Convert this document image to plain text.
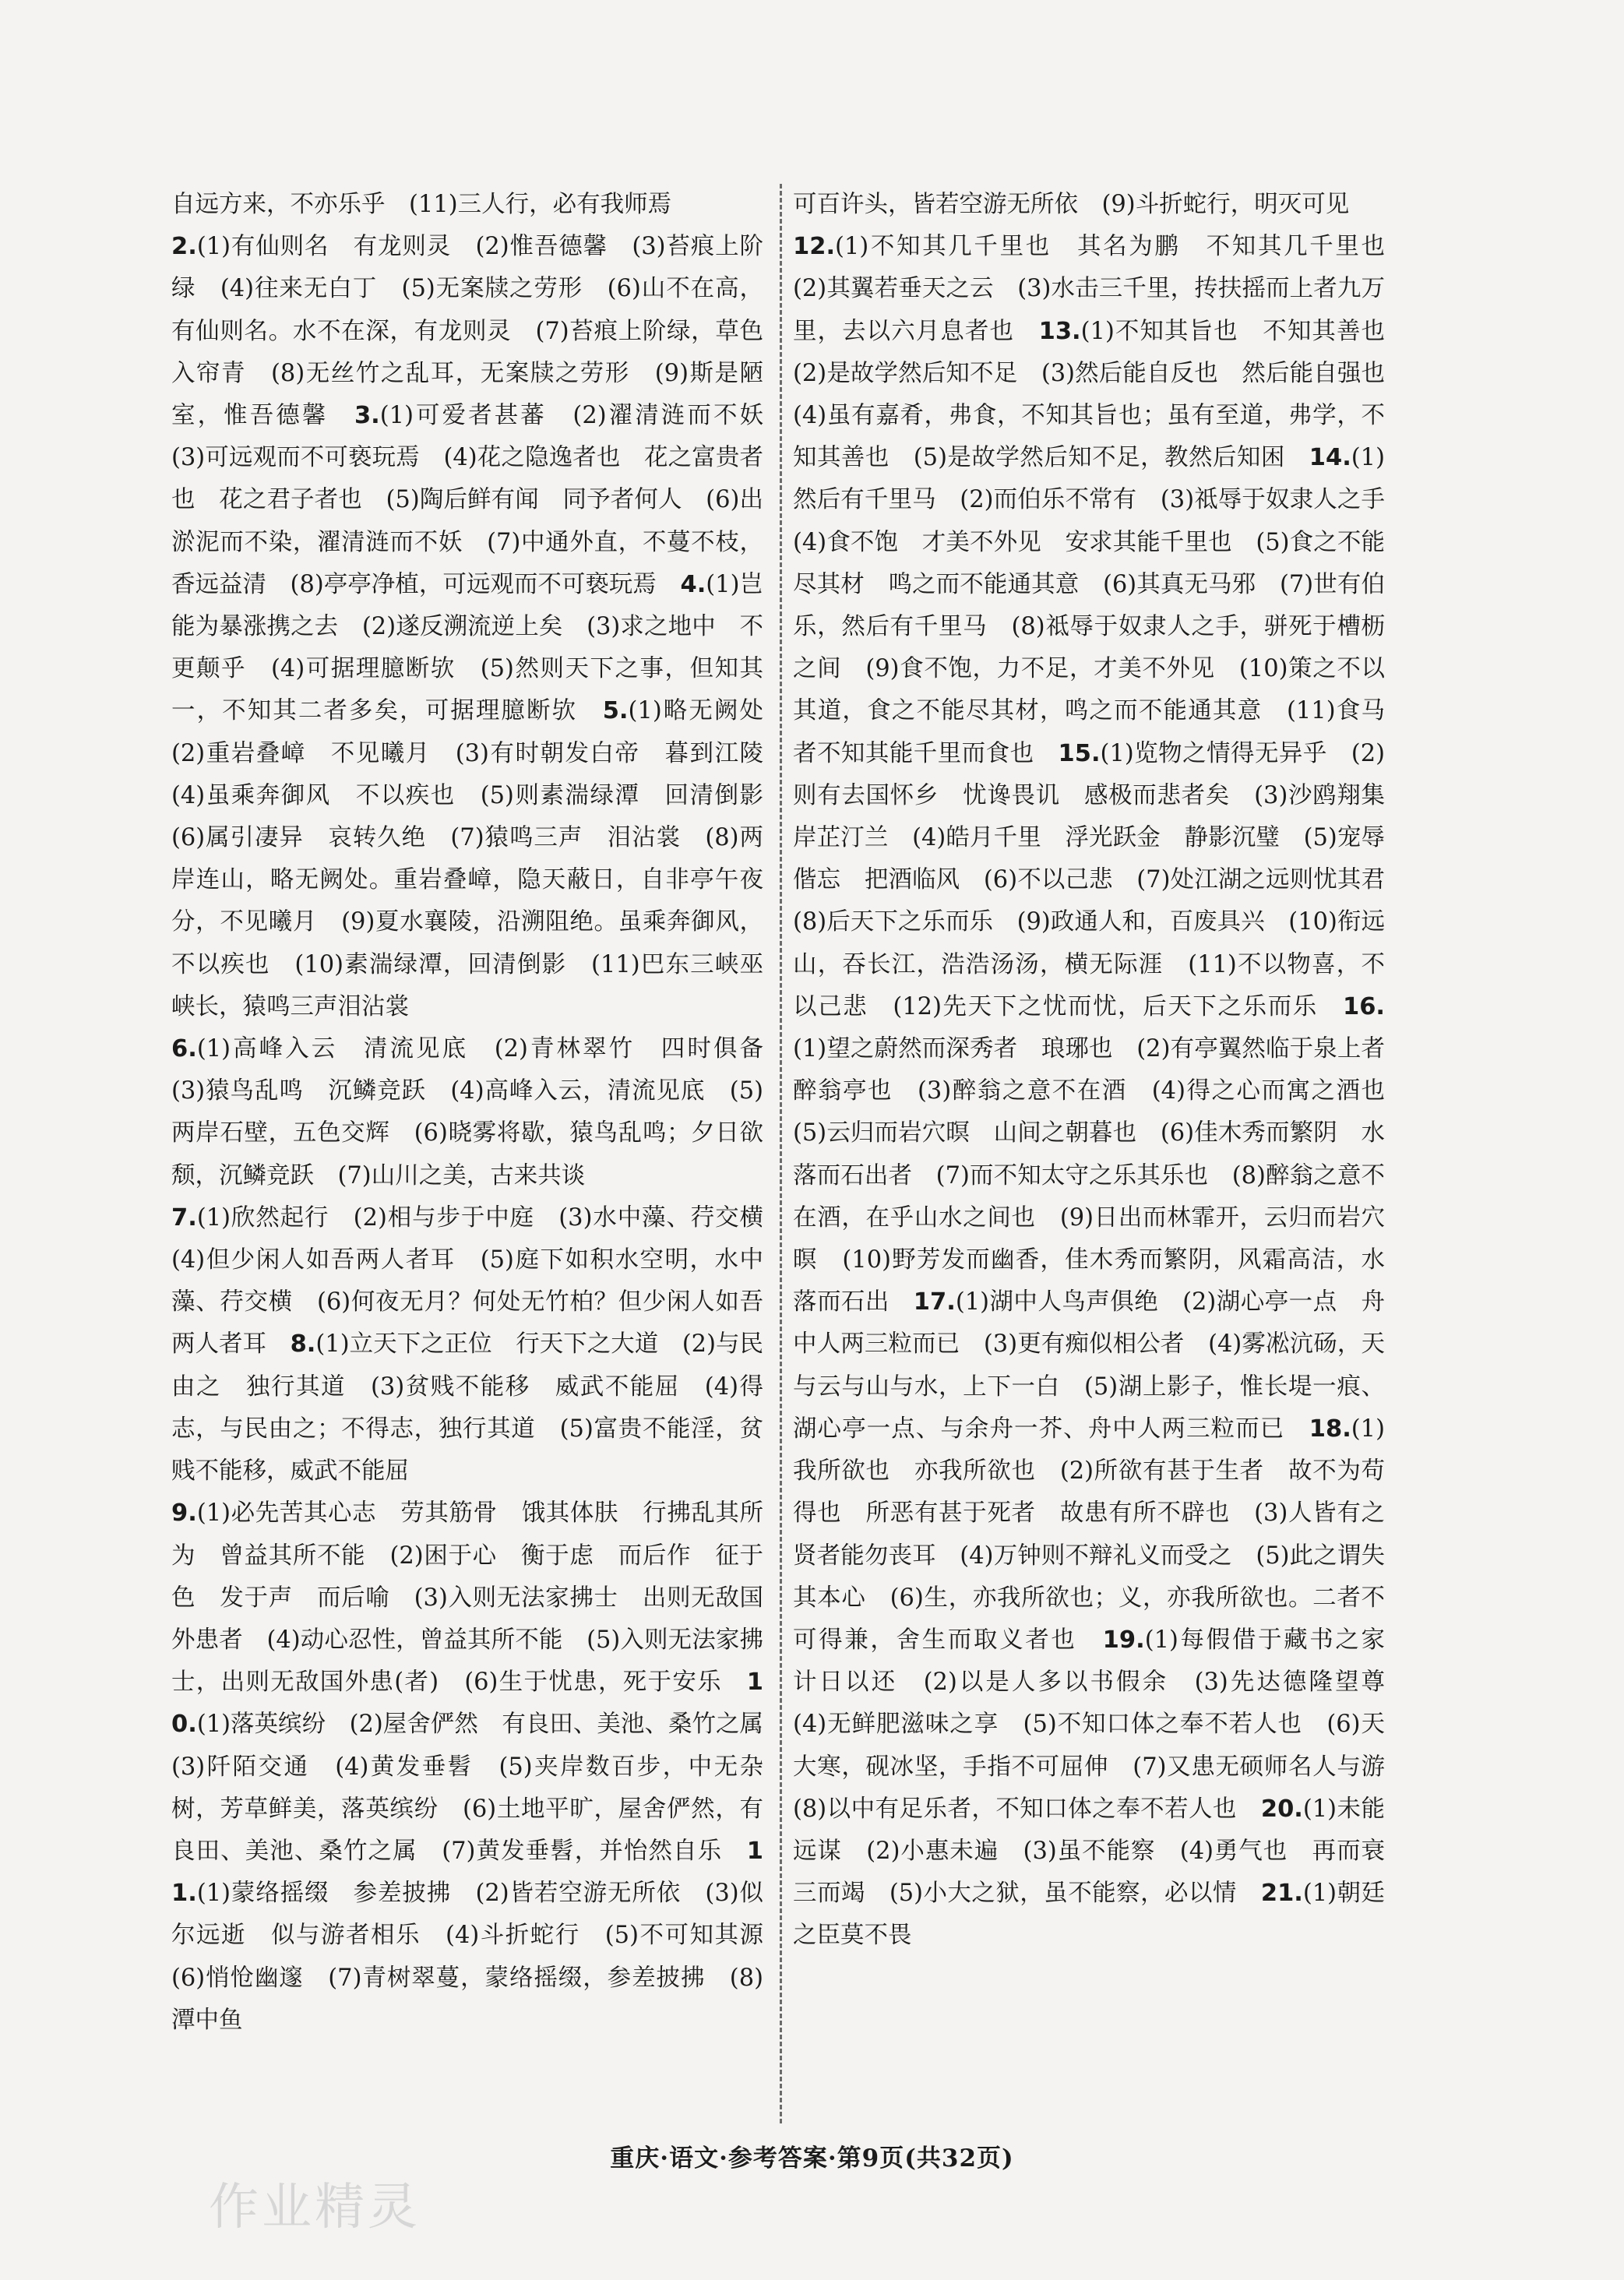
自远方来，不亦乐乎　(11)三人行，必有我师焉
2.(1)有仙则名　有龙则灵　(2)惟吾德馨　(3)苔痕上阶绿　(4)往来无白丁　(5)无案牍之劳形　(6)山不在高，有仙则名。水不在深，有龙则灵　(7)苔痕上阶绿，草色入帘青　(8)无丝竹之乱耳，无案牍之劳形　(9)斯是陋室，惟吾德馨　3.(1)可爱者甚蕃　(2)濯清涟而不妖　(3)可远观而不可亵玩焉　(4)花之隐逸者也　花之富贵者也　花之君子者也　(5)陶后鲜有闻　同予者何人　(6)出淤泥而不染，濯清涟而不妖　(7)中通外直，不蔓不枝，香远益清　(8)亭亭净植，可远观而不可亵玩焉　4.(1)岂能为暴涨携之去　(2)遂反溯流逆上矣　(3)求之地中　不更颠乎　(4)可据理臆断欤　(5)然则天下之事，但知其一，不知其二者多矣，可据理臆断欤　5.(1)略无阙处　(2)重岩叠嶂　不见曦月　(3)有时朝发白帝　暮到江陵　(4)虽乘奔御风　不以疾也　(5)则素湍绿潭　回清倒影　(6)属引凄异　哀转久绝　(7)猿鸣三声　泪沾裳　(8)两岸连山，略无阙处。重岩叠嶂，隐天蔽日，自非亭午夜分，不见曦月　(9)夏水襄陵，沿溯阻绝。虽乘奔御风，不以疾也　(10)素湍绿潭，回清倒影　(11)巴东三峡巫峡长，猿鸣三声泪沾裳
6.(1)高峰入云　清流见底　(2)青林翠竹　四时俱备　(3)猿鸟乱鸣　沉鳞竞跃　(4)高峰入云，清流见底　(5)两岸石壁，五色交辉　(6)晓雾将歇，猿鸟乱鸣；夕日欲颓，沉鳞竞跃　(7)山川之美，古来共谈
7.(1)欣然起行　(2)相与步于中庭　(3)水中藻、荇交横　(4)但少闲人如吾两人者耳　(5)庭下如积水空明，水中藻、荇交横　(6)何夜无月？何处无竹柏？但少闲人如吾两人者耳　8.(1)立天下之正位　行天下之大道　(2)与民由之　独行其道　(3)贫贱不能移　威武不能屈　(4)得志，与民由之；不得志，独行其道　(5)富贵不能淫，贫贱不能移，威武不能屈
9.(1)必先苦其心志　劳其筋骨　饿其体肤　行拂乱其所为　曾益其所不能　(2)困于心　衡于虑　而后作　征于色　发于声　而后喻　(3)入则无法家拂士　出则无敌国外患者　(4)动心忍性，曾益其所不能　(5)入则无法家拂士，出则无敌国外患(者)　(6)生于忧患，死于安乐　10.(1)落英缤纷　(2)屋舍俨然　有良田、美池、桑竹之属　(3)阡陌交通　(4)黄发垂髫　(5)夹岸数百步，中无杂树，芳草鲜美，落英缤纷　(6)土地平旷，屋舍俨然，有良田、美池、桑竹之属　(7)黄发垂髫，并怡然自乐　11.(1)蒙络摇缀　参差披拂　(2)皆若空游无所依　(3)似尔远逝　似与游者相乐　(4)斗折蛇行　(5)不可知其源　(6)悄怆幽邃　(7)青树翠蔓，蒙络摇缀，参差披拂　(8)潭中鱼
可百许头，皆若空游无所依　(9)斗折蛇行，明灭可见
12.(1)不知其几千里也　其名为鹏　不知其几千里也　(2)其翼若垂天之云　(3)水击三千里，抟扶摇而上者九万里，去以六月息者也　13.(1)不知其旨也　不知其善也　(2)是故学然后知不足　(3)然后能自反也　然后能自强也　(4)虽有嘉肴，弗食，不知其旨也；虽有至道，弗学，不知其善也　(5)是故学然后知不足，教然后知困　14.(1)然后有千里马　(2)而伯乐不常有　(3)祗辱于奴隶人之手　(4)食不饱　才美不外见　安求其能千里也　(5)食之不能尽其材　鸣之而不能通其意　(6)其真无马邪　(7)世有伯乐，然后有千里马　(8)祗辱于奴隶人之手，骈死于槽枥之间　(9)食不饱，力不足，才美不外见　(10)策之不以其道，食之不能尽其材，鸣之而不能通其意　(11)食马者不知其能千里而食也　15.(1)览物之情得无异乎　(2)则有去国怀乡　忧谗畏讥　感极而悲者矣　(3)沙鸥翔集　岸芷汀兰　(4)皓月千里　浮光跃金　静影沉璧　(5)宠辱偕忘　把酒临风　(6)不以己悲　(7)处江湖之远则忧其君　(8)后天下之乐而乐　(9)政通人和，百废具兴　(10)衔远山，吞长江，浩浩汤汤，横无际涯　(11)不以物喜，不以己悲　(12)先天下之忧而忧，后天下之乐而乐　16.(1)望之蔚然而深秀者　琅琊也　(2)有亭翼然临于泉上者　醉翁亭也　(3)醉翁之意不在酒　(4)得之心而寓之酒也　(5)云归而岩穴暝　山间之朝暮也　(6)佳木秀而繁阴　水落而石出者　(7)而不知太守之乐其乐也　(8)醉翁之意不在酒，在乎山水之间也　(9)日出而林霏开，云归而岩穴暝　(10)野芳发而幽香，佳木秀而繁阴，风霜高洁，水落而石出　17.(1)湖中人鸟声俱绝　(2)湖心亭一点　舟中人两三粒而已　(3)更有痴似相公者　(4)雾凇沆砀，天与云与山与水，上下一白　(5)湖上影子，惟长堤一痕、湖心亭一点、与余舟一芥、舟中人两三粒而已　18.(1)我所欲也　亦我所欲也　(2)所欲有甚于生者　故不为苟得也　所恶有甚于死者　故患有所不辟也　(3)人皆有之　贤者能勿丧耳　(4)万钟则不辩礼义而受之　(5)此之谓失其本心　(6)生，亦我所欲也；义，亦我所欲也。二者不可得兼，舍生而取义者也　19.(1)每假借于藏书之家　计日以还　(2)以是人多以书假余　(3)先达德隆望尊　(4)无鲜肥滋味之享　(5)不知口体之奉不若人也　(6)天大寒，砚冰坚，手指不可屈伸　(7)又患无硕师名人与游　(8)以中有足乐者，不知口体之奉不若人也　20.(1)未能远谋　(2)小惠未遍　(3)虽不能察　(4)勇气也　再而衰　三而竭　(5)小大之狱，虽不能察，必以情　21.(1)朝廷之臣莫不畏
作业精灵
重庆·语文·参考答案·第9页(共32页)
